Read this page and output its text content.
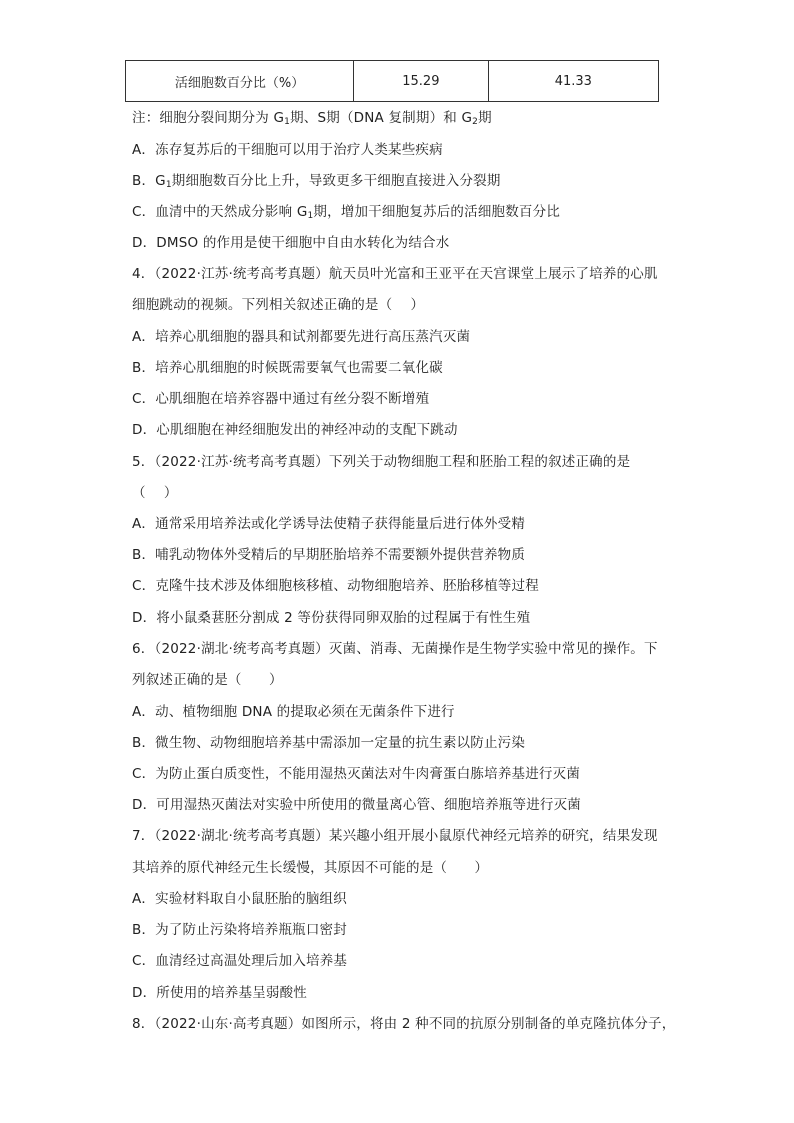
活细胞数百分比（%）	15.29	41.33
注：细胞分裂间期分为 $G_1$期、S期（DNA 复制期）和 $G_2$期
A．冻存复苏后的干细胞可以用于治疗人类某些疾病
B．$G_1$期细胞数百分比上升，导致更多干细胞直接进入分裂期
C．血清中的天然成分影响 $G_1$期，增加干细胞复苏后的活细胞数百分比
D．DMSO 的作用是使干细胞中自由水转化为结合水
4．（2022·江苏·统考高考真题）航天员叶光富和王亚平在天宫课堂上展示了培养的心肌
细胞跳动的视频。下列相关叙述正确的是（　 ）
A．培养心肌细胞的器具和试剂都要先进行高压蒸汽灭菌
B．培养心肌细胞的时候既需要氧气也需要二氧化碳
C．心肌细胞在培养容器中通过有丝分裂不断增殖
D．心肌细胞在神经细胞发出的神经冲动的支配下跳动
5．（2022·江苏·统考高考真题）下列关于动物细胞工程和胚胎工程的叙述正确的是
（　 ）
A．通常采用培养法或化学诱导法使精子获得能量后进行体外受精
B．哺乳动物体外受精后的早期胚胎培养不需要额外提供营养物质
C．克隆牛技术涉及体细胞核移植、动物细胞培养、胚胎移植等过程
D．将小鼠桑葚胚分割成 2 等份获得同卵双胎的过程属于有性生殖
6．（2022·湖北·统考高考真题）灭菌、消毒、无菌操作是生物学实验中常见的操作。下
列叙述正确的是（　　）
A．动、植物细胞 DNA 的提取必须在无菌条件下进行
B．微生物、动物细胞培养基中需添加一定量的抗生素以防止污染
C．为防止蛋白质变性，不能用湿热灭菌法对牛肉膏蛋白胨培养基进行灭菌
D．可用湿热灭菌法对实验中所使用的微量离心管、细胞培养瓶等进行灭菌
7．（2022·湖北·统考高考真题）某兴趣小组开展小鼠原代神经元培养的研究，结果发现
其培养的原代神经元生长缓慢，其原因不可能的是（　　）
A．实验材料取自小鼠胚胎的脑组织
B．为了防止污染将培养瓶瓶口密封
C．血清经过高温处理后加入培养基
D．所使用的培养基呈弱酸性
8．（2022·山东·高考真题）如图所示，将由 2 种不同的抗原分别制备的单克隆抗体分子，
